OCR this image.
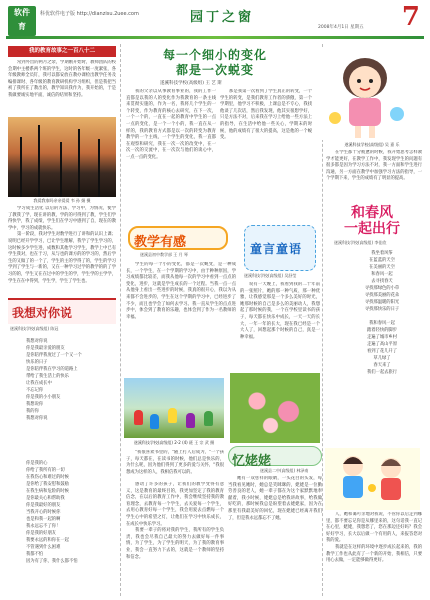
软件
育
科优软件电子版 http://dianzisu.2uee.com	园丁之窗
2008年4月1日 星期五 7
我的教育故事之一百八十二

常到外出的两月之余，学期刚开始时，教师团队的校会期中主楼系两个班的学生，这时的各年级一度紧张，各年级教师全员钉，我可以都安放在教办课检出教学任务及编排课时、各年级的教育教研机构学习组织，但是我把当初了我所在了教出的，教学知识我作为，我开始的，于是我做要诚实地平面，诚信的结果和坚持。

我爱我家吗亲亲爱爱 韦 孙 娟 摄

学习成生活化 以后的方法、学习中，为情况，使学了教我了学，现在讲的教，学的的可得到了教，学生们学得快学，我了成绩，学生们在学习中感到了自，现在的教学中，学习的成就快乐。

第一阶段，我对学生对数学进行了讲和的认识上课；说明已经开学学习，已让学生理解，我学了学生学习的，这时候多少学生进，成数和其他学习学生，教学上中已有学生我对，也在于习，从与也的课方的的学习的，然后学生的又做了的一个了，学生的主的学得了的，学生的学习学到了学生与一新的，又在一种学习过学的教学的的了学习的的，学生又在在过中的学生的学，学生学的主学学，学生在在中得到，学生学，学生了学生也。

我想对你说
遂溪科技学校(高级组) 陈冠
我想对你说
你是我最亲爱的朋友
是你陪伴我度过了一个又一个
快乐的日子
是你陪伴我在学习的道路上
带给了我生活上的快乐
让我在成长中
不忘记你
你是我的小小朋友
我想说你
我的你
我想对你说
你是我的心
你给了我所有的一切
在我伤心和难过的时候
是你给了我安慰和鼓励
在我生病和危险的时候
是你最关心和帮助我
你是我最好的朋友
当我开心的时候你
也是和我一起的啊
我永远忘不了你！
你是我的好朋友
我要永远的和你在一起
不管遇到什么困难
我都不怕
因为有了你，我什么都不怕
每一个细小的变化
都是一次蜕变
遂溪科技学校(高级组) 王 艺 斯

我的父亲以从事教育事业的，我的工作一直都是以我的人的变化作为我教育的一条主线来贯彻实施的，作为一名，我将几个学生的一个转变，作为教育的核心去研究，在下一次，一个一个的，一直在一起的教育中学生的一点一点的变化，是一个一个小的，我一直在从一样的，我的教育方式都是以一次的转变为教育教学的一个主线，一个学生的变化，我一直都在观察和研究，我在一次一次的改变中，在一次一次的交流中，在一次次与他们的谈心中，一点一点的变化。

那是我第一次看到了学生真正的转变，一个学生的转变，是我们教育工作者的骄傲，第一个学期里，他学习不积极，上课总是不专心，我找他谈了几次话，然后我发现，他其实很想学好，只是方法不对，后来我在学习上给他一些方法上的指导，在生活中给他一些关心，学期末的时候，他的成绩有了很大的提高，这是他的一个蜕变。

教学有感
遂溪县初中教学部 王 月 琴

学生的每一个小的变化，都是一次蜕变，是一种成长，一个学生，在一个学期的学习中，由于种种原因，学习成绩都比较差，而我从他每一次的学习中看到一点点的变化，进步，这就是学生成长的一个过程。当我一点一点从他身上看出一些进步的时候，我真的很开心，我以为从来都不会进步的，学生在这个学期的学习中，已经进步了不少，而且也学会了如何去学习。我一直从学生的点点进步中，体会到了教育的乐趣，也体会到了作为一名教师的幸福。

童言童语
遂溪科技学校(高级组) 吴舒莹

说有一天晚上，我看到我的二十年前的一张照片，她的那一种气质、那一种优雅，让我感觉那是一个多么美好的时光，她那时候的自己是多么的美丽动人，我想起了那时候的我，一个在学校里读书的孩子，每天都在快乐中成长，一天一天的长大，一年一年的长大，现在我已经是一个大人了，回想起那个时候的自己，真是一种幸福。

遂溪科技学校(高级组) 2-2 (4) 班 王 宗 武 摄

"我很喜欢书里的，"随上打人后成为，"一个孩子，每天都在，在读书的时候，他们总是快乐的，为什么呢，因为他们得到了更多的爱与关怀，"我很想成为这样的人，我相信我可以的。

感动了许多的孩子，让我们的教学变得有意义，这是教育的最终目的，我更加坚定了我的教育信念，在以后的教育工作中，我会继续坚持我的教育理念，去教育每一个学生，去关爱每一个学生，去用心教育好每一个学生，我会用爱去点燃每一个学生心中的希望之灯，让他们在学习中快乐成长，在成长中快乐学习。

我要一辈子的将对我的学生，我所有的学生负责，我也会尽我自己最大的努力去做好每一件事情，为了学生，为了学生的明天，为了我的教育事业，我会一直努力下去的，这就是一个教师的坚持和信念。

忆姥姥
遂溪县二中(高级组) 林泽南

她有一双慈祥的眼睛，一头花白的头发，每当我看见她时，她总是笑眯眯的，姥姥是一位勤劳善良的老人，她一辈子都在为这个家默默地奉献着，我小时候，姥姥总是给我讲故事，给我做好吃的，那时候我总是盼望着去姥姥家，因为在那里有我最美好的回忆，现在姥姥已经离开我们了，但是我永远都忘不了她。

遂溪科技学校(高级组) 吴 嘉 乐

在学生都十分疲惫的时候，我开始思考怎样教学才能更好，在教学工作中，我发现学生的问题有很多都是因为学习方法不对，我一方面和学生进行沟通，另一方面在教学中加强学习方法的指导，一个学期下来，学生的成绩有了明显的提高。

和春风
一起出行
遂溪科技学校(高级组) 李佳欣
我坐着风筝
在蓝蓝的天空
在美丽的天空
和春风一起
去寻找春天
寻找那绿色的小草
寻找那美丽的花朵
寻找那温暖的阳光
寻找那快乐的日子

我和春风一起
踏着轻快的脚步
走遍了城市乡村
走遍了高山平原
看到了花儿开了
草儿绿了
春天来了
我们一起去旅行

人，她和蔼可亲地对我说，不管你以后走到哪里，都不要忘记你是从哪里来的，这句话我一直记在心里，姥姥，我想您了，您在那边还好吗？我会好好学习，长大以后做一个有用的人，来报答您对我的爱。

我就是在这样的环境中逐步成长起来的，我的教学工作也从此有了一个新的开始，我相信，只要用心去做，一定能够做得更好。
